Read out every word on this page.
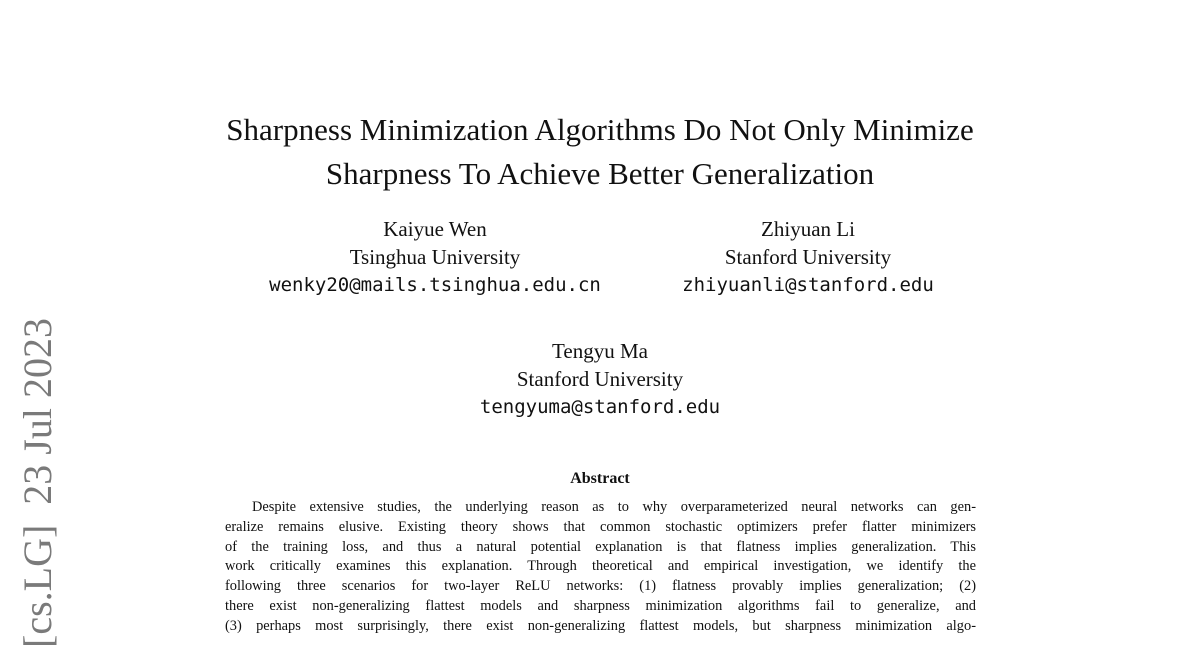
Sharpness Minimization Algorithms Do Not Only Minimize
Sharpness To Achieve Better Generalization
Kaiyue Wen
Tsinghua University
wenky20@mails.tsinghua.edu.cn
Zhiyuan Li
Stanford University
zhiyuanli@stanford.edu
Tengyu Ma
Stanford University
tengyuma@stanford.edu
Abstract
Despite extensive studies, the underlying reason as to why overparameterized neural networks can gen-
eralize remains elusive. Existing theory shows that common stochastic optimizers prefer flatter minimizers
of the training loss, and thus a natural potential explanation is that flatness implies generalization. This
work critically examines this explanation. Through theoretical and empirical investigation, we identify the
following three scenarios for two-layer ReLU networks: (1) flatness provably implies generalization; (2)
there exist non-generalizing flattest models and sharpness minimization algorithms fail to generalize, and
(3) perhaps most surprisingly, there exist non-generalizing flattest models, but sharpness minimization algo-
[cs.LG]23 Jul 2023
